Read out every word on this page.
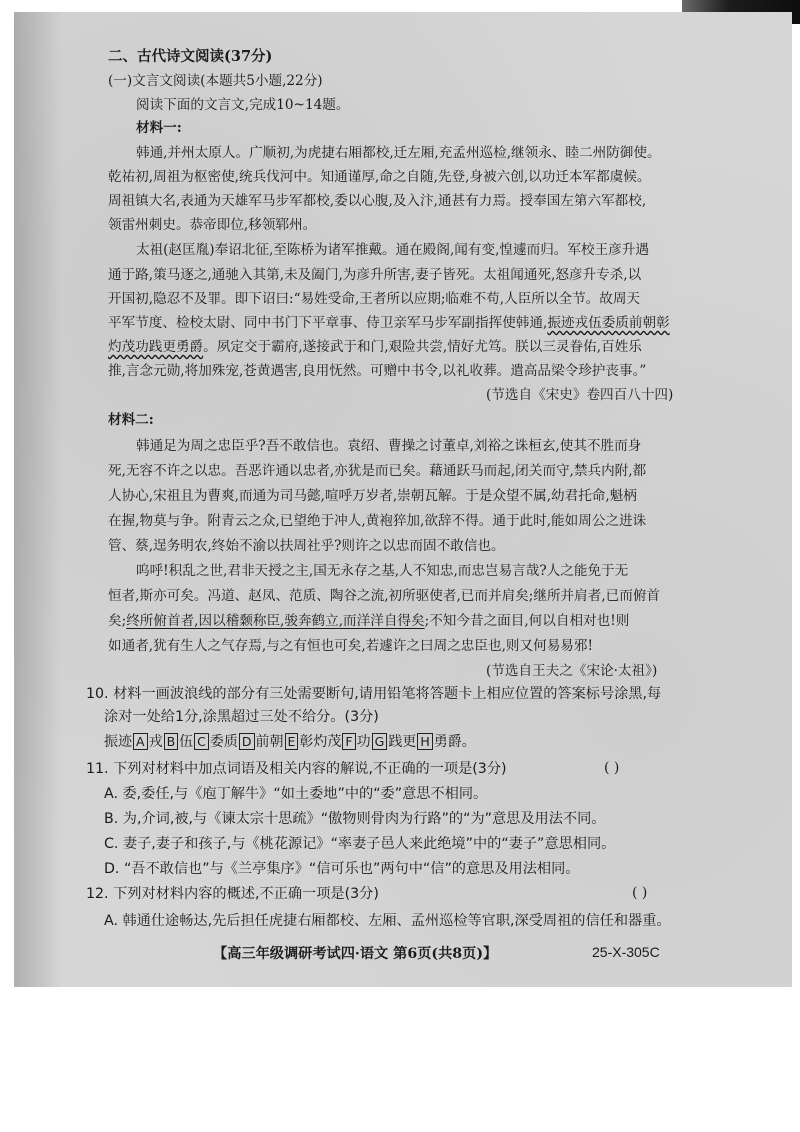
二、古代诗文阅读(37分)
(一)文言文阅读(本题共5小题,22分)
阅读下面的文言文,完成10~14题。
材料一:
韩通,并州太原人。广顺初,为虎捷右厢都校,迁左厢,充孟州巡检,继领永、睦二州防御使。
乾祐初,周祖为枢密使,统兵伐河中。知通谨厚,命之自随,先登,身被六创,以功迁本军都虞候。
周祖镇大名,表通为天雄军马步军都校,委以心腹,及入汴,通甚有力焉。授奉国左第六军都校,
领雷州刺史。恭帝即位,移领郓州。
太祖(赵匡胤)奉诏北征,至陈桥为诸军推戴。通在殿阁,闻有变,惶遽而归。军校王彦升遇
通于路,策马逐之,通驰入其第,未及阖门,为彦升所害,妻子皆死。太祖闻通死,怒彦升专杀,以
开国初,隐忍不及罪。即下诏曰:“易姓受命,王者所以应期;临难不苟,人臣所以全节。故周天
平军节度、检校太尉、同中书门下平章事、侍卫亲军马步军副指挥使韩通,振迹戎伍委质前朝彰
灼茂功践更勇爵。夙定交于霸府,遂接武于和门,艰险共尝,情好尤笃。朕以三灵眷佑,百姓乐
推,言念元勋,将加殊宠,苍黄遇害,良用怃然。可赠中书令,以礼收葬。遣高品梁令珍护丧事。”
(节选自《宋史》卷四百八十四)
材料二:
韩通足为周之忠臣乎?吾不敢信也。袁绍、曹操之讨董卓,刘裕之诛桓玄,使其不胜而身
死,无容不许之以忠。吾恶许通以忠者,亦犹是而已矣。藉通跃马而起,闭关而守,禁兵内附,都
人协心,宋祖且为曹爽,而通为司马懿,喧呼万岁者,崇朝瓦解。于是众望不属,幼君托命,魁柄
在握,物莫与争。附青云之众,已望绝于冲人,黄袍猝加,欲辞不得。通于此时,能如周公之进诛
管、蔡,逞务明农,终始不渝以扶周社乎?则许之以忠而固不敢信也。
呜呼!积乱之世,君非天授之主,国无永存之基,人不知忠,而忠岂易言哉?人之能免于无
恒者,斯亦可矣。冯道、赵凤、范质、陶谷之流,初所驱使者,已而并肩矣;继所并肩者,已而俯首
矣;终所俯首者,因以稽颡称臣,骏奔鹤立,而洋洋自得矣;不知今昔之面目,何以自相对也!则
如通者,犹有生人之气存焉,与之有恒也可矣,若遽许之曰周之忠臣也,则又何易易邪!
(节选自王夫之《宋论·太祖》)
10. 材料一画波浪线的部分有三处需要断句,请用铅笔将答题卡上相应位置的答案标号涂黑,每
涂对一处给1分,涂黑超过三处不给分。(3分)
振迹 A 戎 B 伍 C 委质 D 前朝 E 彰灼茂 F 功 G 践更 H 勇爵。
11. 下列对材料中加点词语及相关内容的解说,不正确的一项是(3分)	( )
A. 委,委任,与《庖丁解牛》“如土委地”中的“委”意思不相同。
B. 为,介词,被,与《谏太宗十思疏》“傲物则骨肉为行路”的“为”意思及用法不同。
C. 妻子,妻子和孩子,与《桃花源记》“率妻子邑人来此绝境”中的“妻子”意思相同。
D. “吾不敢信也”与《兰亭集序》“信可乐也”两句中“信”的意思及用法相同。
12. 下列对材料内容的概述,不正确一项是(3分)	( )
A. 韩通仕途畅达,先后担任虎捷右厢都校、左厢、孟州巡检等官职,深受周祖的信任和器重。
【高三年级调研考试四·语文 第6页(共8页)】	25-X-305C
